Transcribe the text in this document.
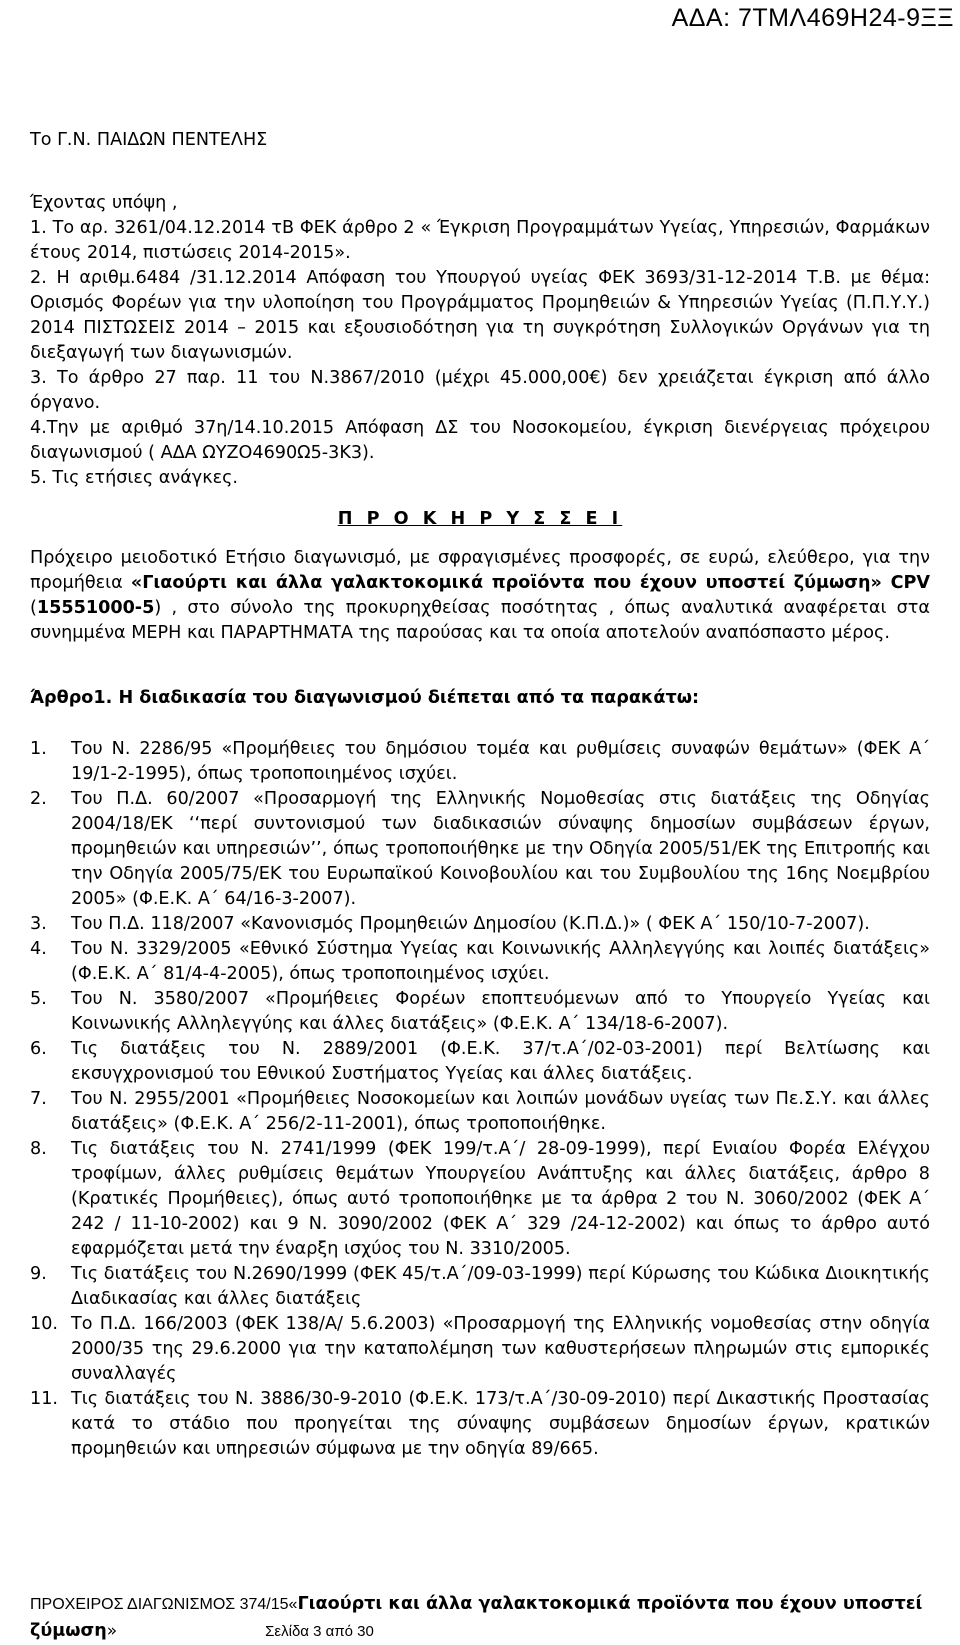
ΑΔΑ: 7ΤΜΛ469Η24-9ΞΞ

Το Γ.Ν. ΠΑΙΔΩΝ ΠΕΝΤΕΛΗΣ

Έχοντας υπόψη ,

1. Το αρ. 3261/04.12.2014 τΒ ΦΕΚ άρθρο 2 « Έγκριση Προγραμμάτων Υγείας, Υπηρεσιών, Φαρμάκων έτους 2014, πιστώσεις 2014-2015».

2. Η αριθμ.6484 /31.12.2014 Απόφαση του Υπουργού υγείας ΦΕΚ 3693/31-12-2014 Τ.Β. με θέμα: Ορισμός Φορέων για την υλοποίηση του Προγράμματος Προμηθειών & Υπηρεσιών Υγείας (Π.Π.Υ.Υ.) 2014 ΠΙΣΤΩΣΕΙΣ 2014 – 2015 και εξουσιοδότηση για τη συγκρότηση Συλλογικών Οργάνων για τη διεξαγωγή των διαγωνισμών.

3. Το άρθρο 27 παρ. 11 του Ν.3867/2010 (μέχρι 45.000,00€) δεν χρειάζεται έγκριση από άλλο όργανο.

4.Την με αριθμό 37η/14.10.2015 Απόφαση ΔΣ του Νοσοκομείου, έγκριση διενέργειας πρόχειρου διαγωνισμού ( ΑΔΑ ΩΥΖΟ4690Ω5-3Κ3).

5. Τις ετήσιες ανάγκες.

Π Ρ Ο Κ Η Ρ Υ Σ Σ Ε Ι

Πρόχειρο μειοδοτικό Ετήσιο διαγωνισμό, με σφραγισμένες προσφορές, σε ευρώ, ελεύθερο, για την προμήθεια «Γιαούρτι και άλλα γαλακτοκομικά προϊόντα που έχουν υποστεί ζύμωση» CPV (15551000-5) , στο σύνολο της προκυρηχθείσας ποσότητας , όπως αναλυτικά αναφέρεται στα συνημμένα ΜΕΡΗ και ΠΑΡΑΡΤΗΜΑΤΑ της παρούσας και τα οποία αποτελούν αναπόσπαστο μέρος.

Άρθρο1. Η διαδικασία του διαγωνισμού διέπεται από τα παρακάτω:
1.	Του Ν. 2286/95 «Προμήθειες του δημόσιου τομέα και ρυθμίσεις συναφών θεμάτων» (ΦΕΚ Α΄ 19/1-2-1995), όπως τροποποιημένος ισχύει.
2.	Του Π.Δ. 60/2007 «Προσαρμογή της Ελληνικής Νομοθεσίας στις διατάξεις της Οδηγίας 2004/18/ΕΚ ‘‘περί συντονισμού των διαδικασιών σύναψης δημοσίων συμβάσεων έργων, προμηθειών και υπηρεσιών’’, όπως τροποποιήθηκε με την Οδηγία 2005/51/ΕΚ της Επιτροπής και την Οδηγία 2005/75/ΕΚ του Ευρωπαϊκού Κοινοβουλίου και του Συμβουλίου της 16ης Νοεμβρίου 2005» (Φ.Ε.Κ. Α΄ 64/16-3-2007).
3.	Του Π.Δ. 118/2007 «Κανονισμός Προμηθειών Δημοσίου (Κ.Π.Δ.)» ( ΦΕΚ Α΄ 150/10-7-2007).
4.	Του Ν. 3329/2005 «Εθνικό Σύστημα Υγείας και Κοινωνικής Αλληλεγγύης και λοιπές διατάξεις» (Φ.Ε.Κ. Α΄ 81/4-4-2005), όπως τροποποιημένος ισχύει.
5.	Του Ν. 3580/2007 «Προμήθειες Φορέων εποπτευόμενων από το Υπουργείο Υγείας και Κοινωνικής Αλληλεγγύης και άλλες διατάξεις» (Φ.Ε.Κ. Α΄ 134/18-6-2007).
6.	Τις διατάξεις του Ν. 2889/2001 (Φ.Ε.Κ. 37/τ.Α΄/02-03-2001) περί Βελτίωσης και εκσυγχρονισμού του Εθνικού Συστήματος Υγείας και άλλες διατάξεις.
7.	Του Ν. 2955/2001 «Προμήθειες Νοσοκομείων και λοιπών μονάδων υγείας των Πε.Σ.Υ. και άλλες διατάξεις» (Φ.Ε.Κ. Α΄ 256/2-11-2001), όπως τροποποιήθηκε.
8.	Τις διατάξεις του Ν. 2741/1999 (ΦΕΚ 199/τ.Α΄/ 28-09-1999), περί Ενιαίου Φορέα Ελέγχου τροφίμων, άλλες ρυθμίσεις θεμάτων Υπουργείου Ανάπτυξης και άλλες διατάξεις, άρθρο 8 (Κρατικές Προμήθειες), όπως αυτό τροποποιήθηκε με τα άρθρα 2 του Ν. 3060/2002 (ΦΕΚ Α΄ 242 / 11-10-2002) και 9 Ν. 3090/2002 (ΦΕΚ Α΄ 329 /24-12-2002) και όπως το άρθρο αυτό εφαρμόζεται μετά την έναρξη ισχύος του Ν. 3310/2005.
9.	Τις διατάξεις του Ν.2690/1999 (ΦΕΚ 45/τ.Α΄/09-03-1999) περί Κύρωσης του Κώδικα Διοικητικής Διαδικασίας και άλλες διατάξεις
10. Το Π.Δ. 166/2003 (ΦΕΚ 138/Α/ 5.6.2003) «Προσαρμογή της Ελληνικής νομοθεσίας στην οδηγία 2000/35 της 29.6.2000 για την καταπολέμηση των καθυστερήσεων πληρωμών στις εμπορικές συναλλαγές
11. Τις διατάξεις του Ν. 3886/30-9-2010 (Φ.Ε.Κ. 173/τ.Α΄/30-09-2010) περί Δικαστικής Προστασίας κατά το στάδιο που προηγείται της σύναψης συμβάσεων δημοσίων έργων, κρατικών προμηθειών και υπηρεσιών σύμφωνα με την οδηγία 89/665.
ΠΡΟΧΕΙΡΟΣ ΔΙΑΓΩΝΙΣΜΟΣ 374/15«Γιαούρτι και άλλα γαλακτοκομικά προϊόντα που έχουν υποστεί ζύμωση»	Σελίδα 3 από 30
